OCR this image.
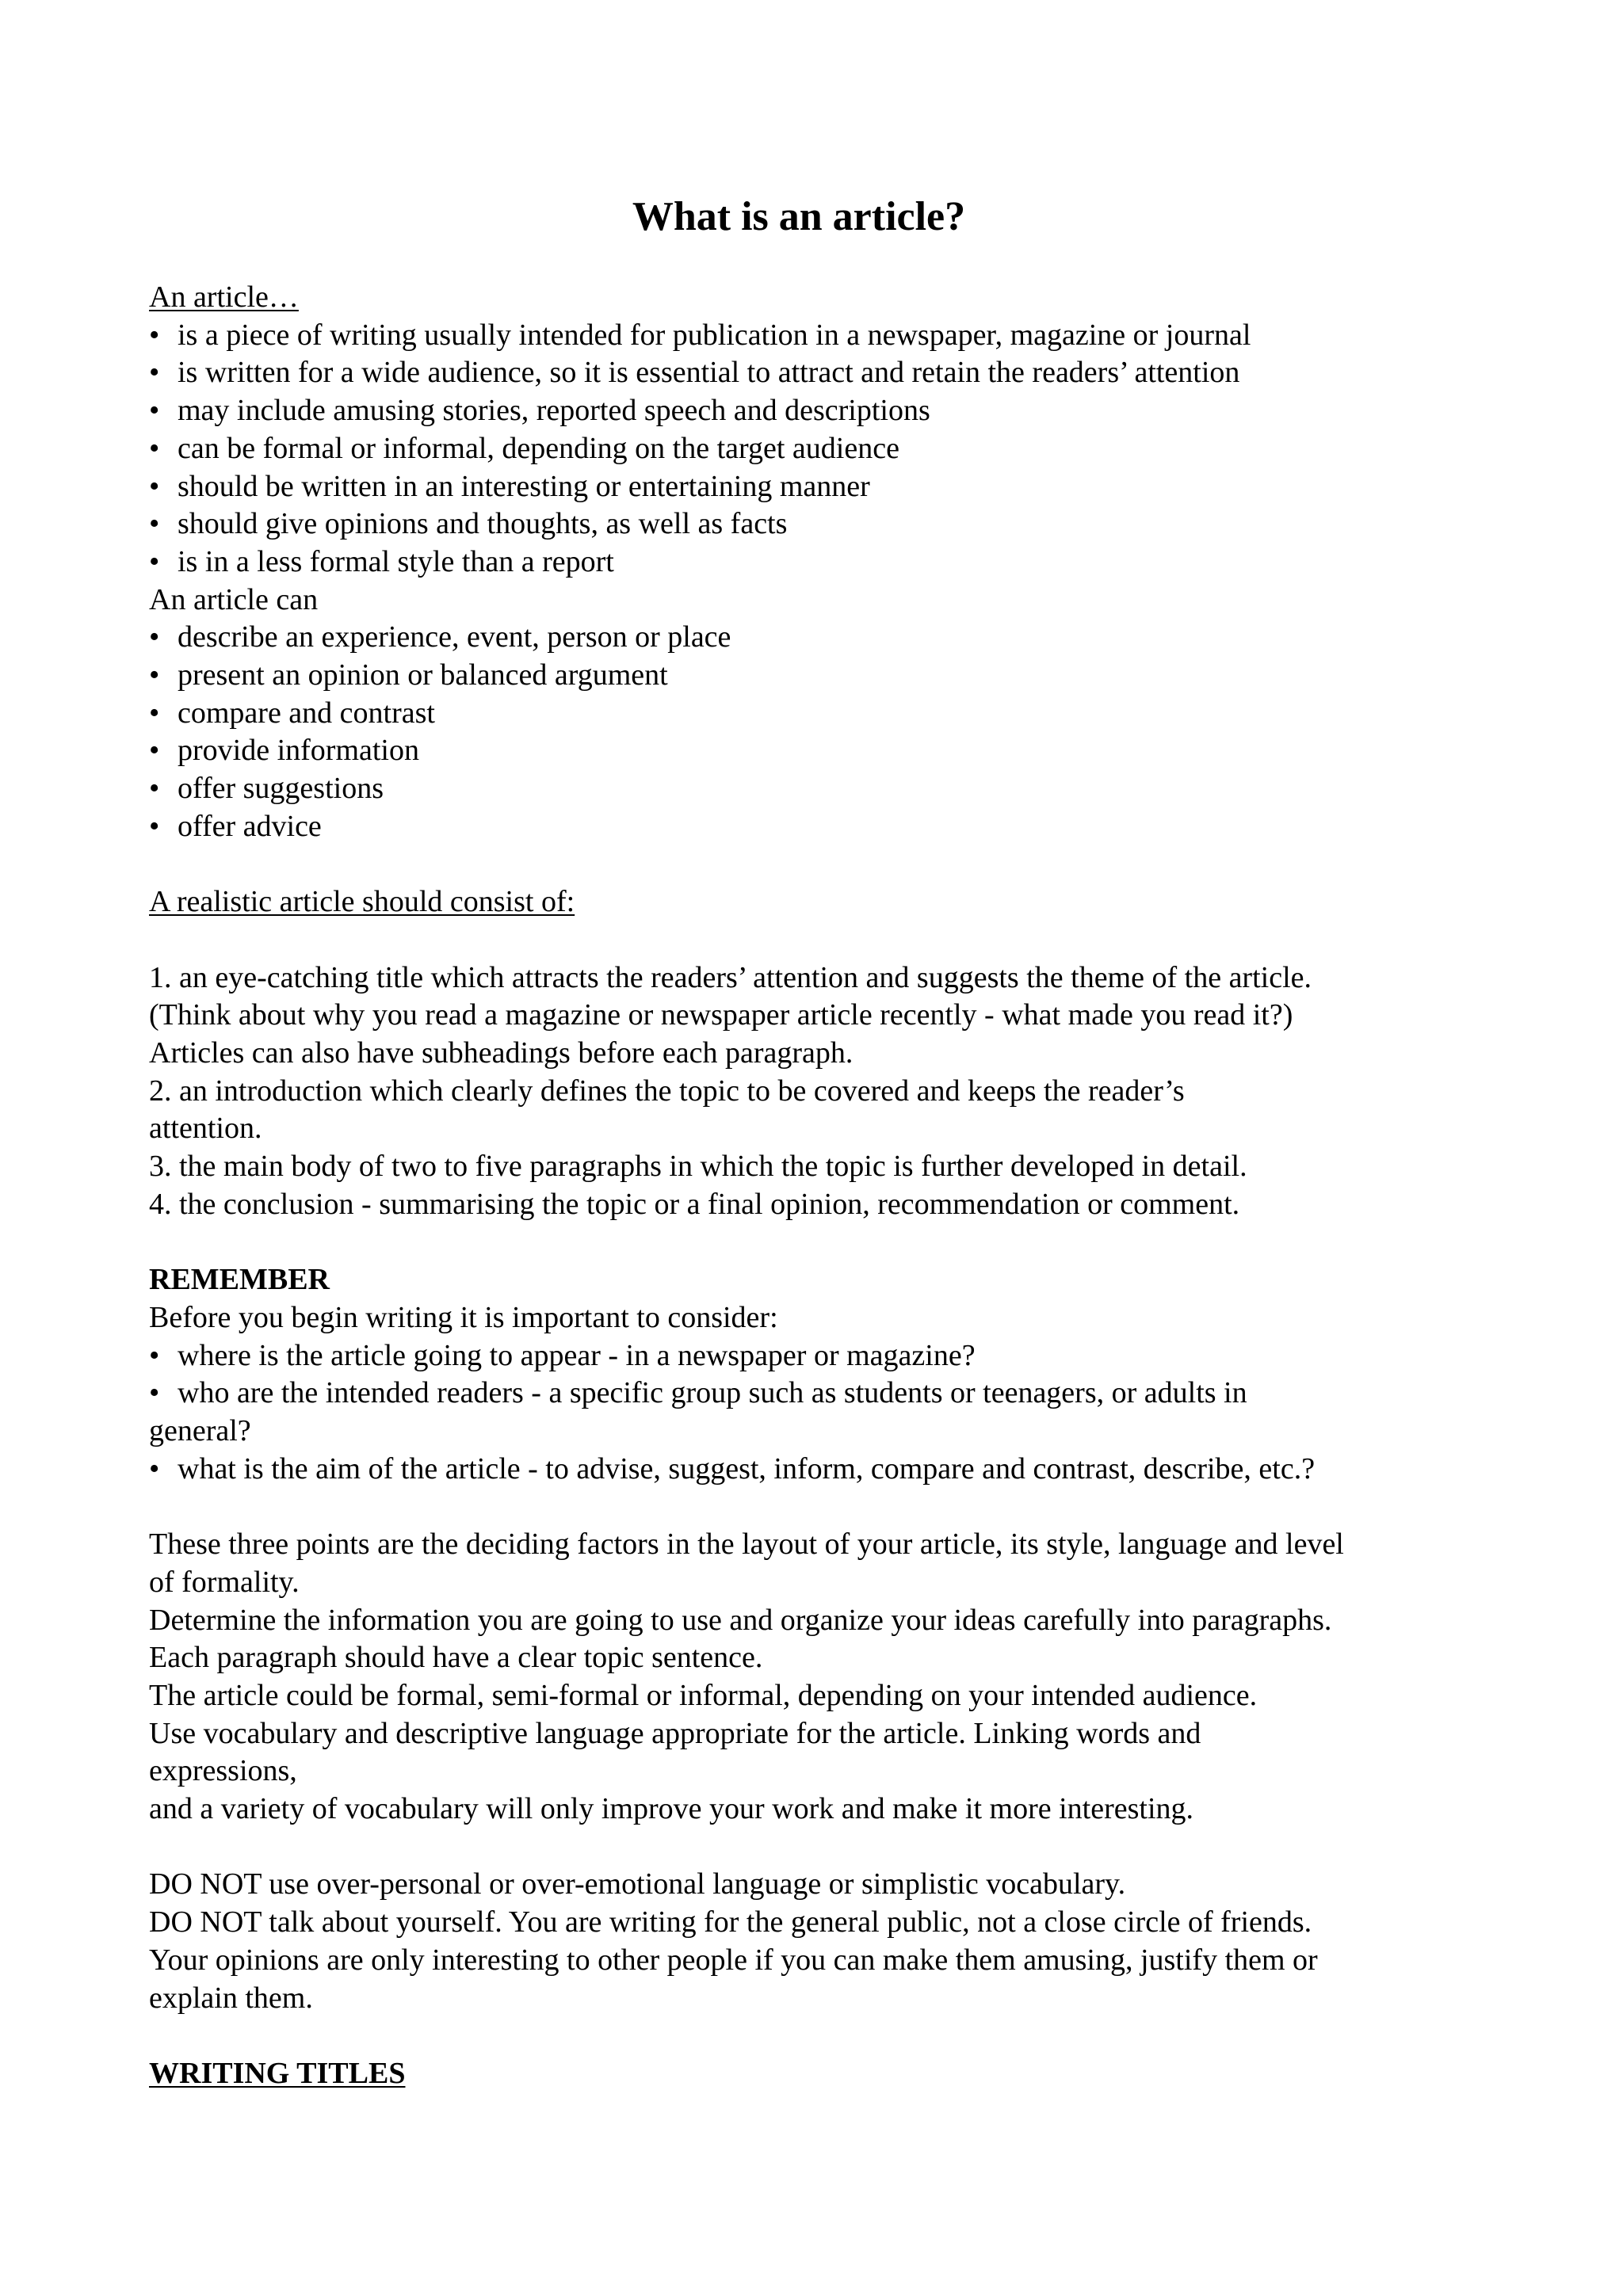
What is an article?
An article…
• is a piece of writing usually intended for publication in a newspaper, magazine or journal
• is written for a wide audience, so it is essential to attract and retain the readers’ attention
• may include amusing stories, reported speech and descriptions
• can be formal or informal, depending on the target audience
• should be written in an interesting or entertaining manner
• should give opinions and thoughts, as well as facts
• is in a less formal style than a report
An article can
• describe an experience, event, person or place
• present an opinion or balanced argument
• compare and contrast
• provide information
• offer suggestions
• offer advice
A realistic article should consist of:
1. an eye-catching title which attracts the readers’ attention and suggests the theme of the article.
(Think about why you read a magazine or newspaper article recently - what made you read it?)
Articles can also have subheadings before each paragraph.
2. an introduction which clearly defines the topic to be covered and keeps the reader’s
attention.
3. the main body of two to five paragraphs in which the topic is further developed in detail.
4. the conclusion - summarising the topic or a final opinion, recommendation or comment.
REMEMBER
Before you begin writing it is important to consider:
• where is the article going to appear - in a newspaper or magazine?
• who are the intended readers - a specific group such as students or teenagers, or adults in
general?
• what is the aim of the article - to advise, suggest, inform, compare and contrast, describe, etc.?
These three points are the deciding factors in the layout of your article, its style, language and level
of formality.
Determine the information you are going to use and organize your ideas carefully into paragraphs.
Each paragraph should have a clear topic sentence.
The article could be formal, semi-formal or informal, depending on your intended audience.
Use vocabulary and descriptive language appropriate for the article. Linking words and
expressions,
and a variety of vocabulary will only improve your work and make it more interesting.
DO NOT use over-personal or over-emotional language or simplistic vocabulary.
DO NOT talk about yourself. You are writing for the general public, not a close circle of friends.
Your opinions are only interesting to other people if you can make them amusing, justify them or
explain them.
WRITING TITLES
